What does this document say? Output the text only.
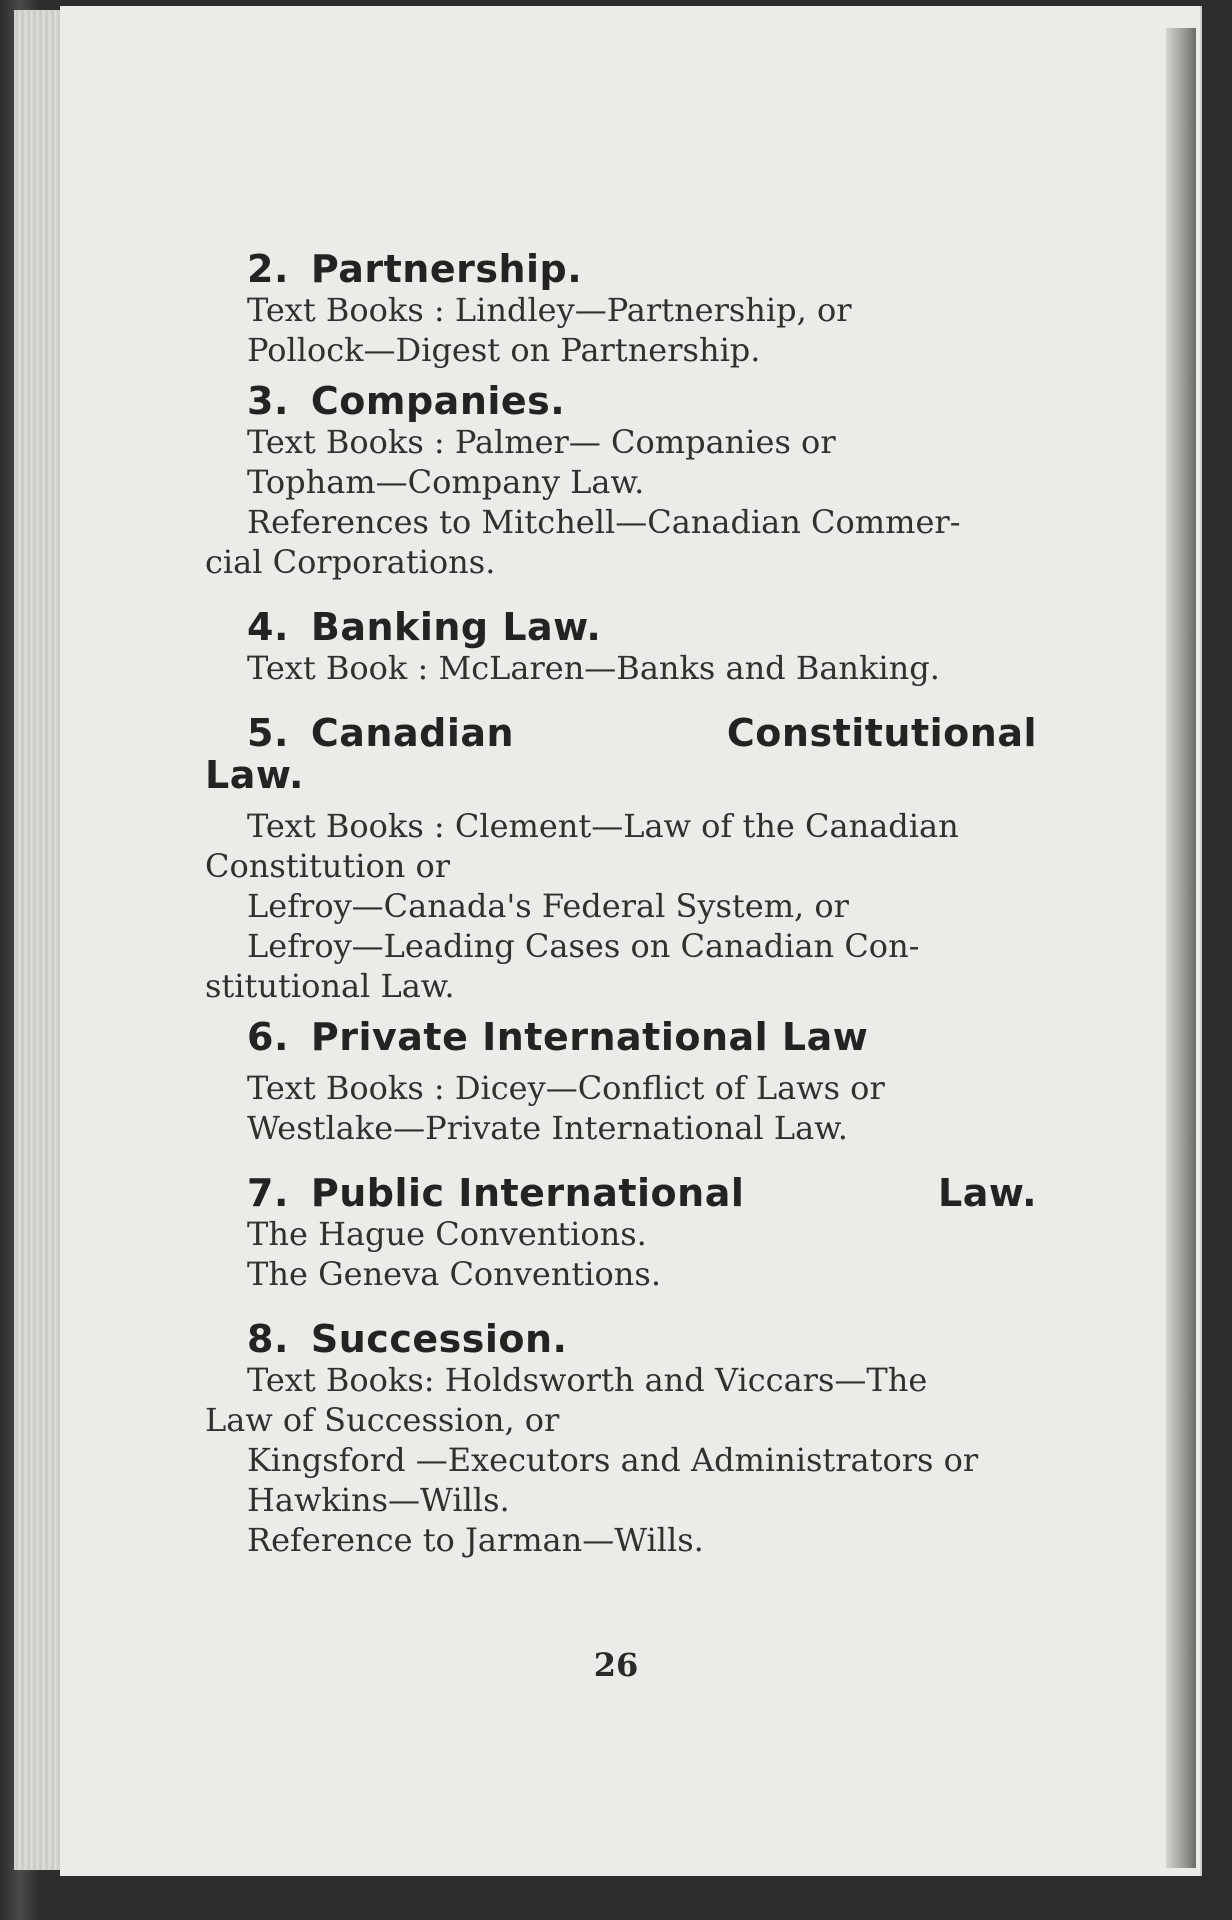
2. Partnership.

Text Books : Lindley—Partnership, or

Pollock—Digest on Partnership.

3. Companies.

Text Books : Palmer— Companies or

Topham—Company Law.

References to Mitchell—Canadian Commer-

cial Corporations.

4. Banking Law.

Text Book : McLaren—Banks and Banking.

5. Canadian	Constitutional

Law.

Text Books : Clement—Law of the Canadian

Constitution or

Lefroy—Canada's Federal System, or

Lefroy—Leading Cases on Canadian Con-

stitutional Law.

6. Private International Law

Text Books : Dicey—Conflict of Laws or

Westlake—Private International Law.

7. Public International	Law.

The Hague Conventions.

The Geneva Conventions.

8. Succession.

Text Books: Holdsworth and Viccars—The

Law of Succession, or

Kingsford —Executors and Administrators or

Hawkins—Wills.

Reference to Jarman—Wills.

26
